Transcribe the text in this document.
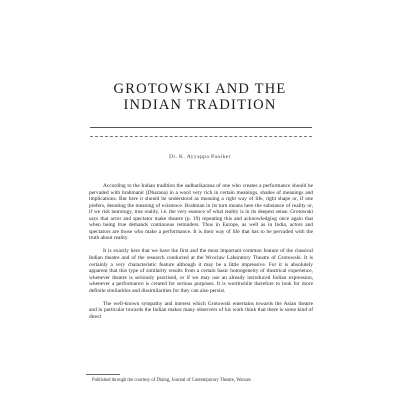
GROTOWSKI AND THE
INDIAN TRADITION
Dr. K. Ayyappa Paniker

According to the Indian tradition the sadharikarana of one who creates a performance should be pervaded with brahmanir (Dharana) in a word very rich in certain meanings, shades of meanings and implications. But here it should be understood as meaning a right way of life, right shape or, if one prefers, denoting the meaning of existence. Brahman in its turn means here the substance of reality or, if we risk tautology, true reality, i.e. the very essence of what reality is in its deepest sense. Grotowski says that actor and spectator make theatre (p. 19) repeating this and acknowledging once again that when being true demands continuous reminders. Thus in Europe, as well as in India, actors and spectators are those who make a performance. It is their way of life that has to be pervaded with the truth about reality.

It is exactly here that we have the first and the most important common feature of the classical Indian theatre and of the research conducted at the Wroclaw Laboratory Theatre of Grotowski. It is certainly a very characteristic feature although it may be a little impressive. For it is absolutely apparent that this type of similarity results from a certain basic homogeneity of theatrical experience, whenever theatre is seriously practised, or if we may use an already introduced Indian expression, whenever a performance is created for serious purposes. It is worthwhile therefore to look for more definite similarities and dissimilarities for they can also persist.

The well-known sympathy and interest which Grotowski entertains towards the Asian theatre and in particular towards the Indian makes many observers of his work think that there is some kind of direct

Published through the courtesy of Dialog, Journal of Contemporary Theatre, Warsaw
